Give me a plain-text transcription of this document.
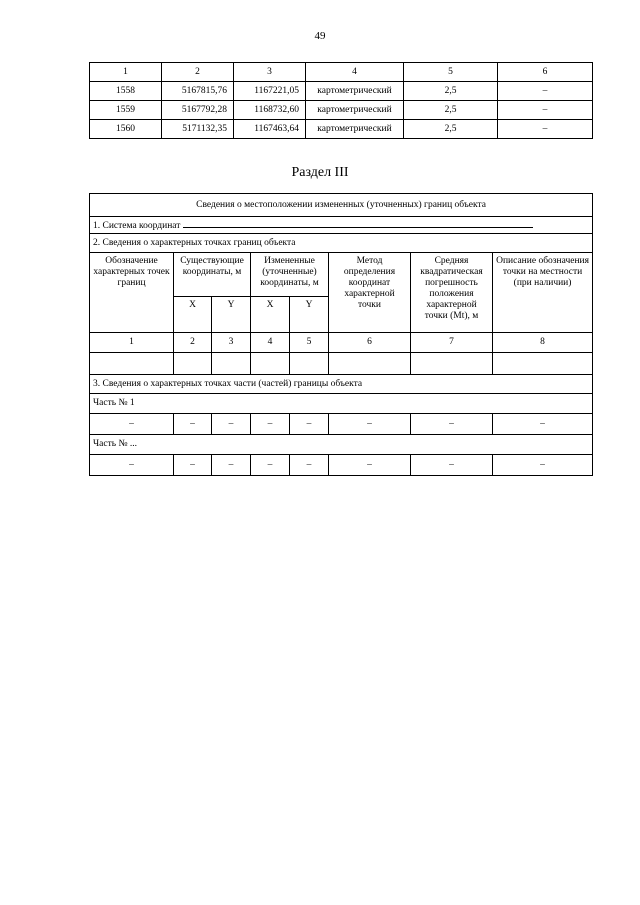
49
1	2	3	4	5	6
1558	5167815,76	1167221,05	картометрический	2,5	–
1559	5167792,28	1168732,60	картометрический	2,5	–
1560	5171132,35	1167463,64	картометрический	2,5	–
Раздел III
Сведения о местоположении измененных (уточненных) границ объекта							
1. Система координат							
2. Сведения о характерных точках границ объекта							
Обозначение характерных точек границ	Существующие координаты, м		Измененные (уточненные) координаты, м		Метод определения координат характерной точки	Средняя квадратическая погрешность положения характерной точки (Mt), м	Описание обозначения точки на местности (при наличии)
	X	Y	X	Y			
1	2	3	4	5	6	7	8

3. Сведения о характерных точках части (частей) границы объекта							
Часть № 1							
–	–	–	–	–	–	–	–
Часть № ...							
–	–	–	–	–	–	–	–
